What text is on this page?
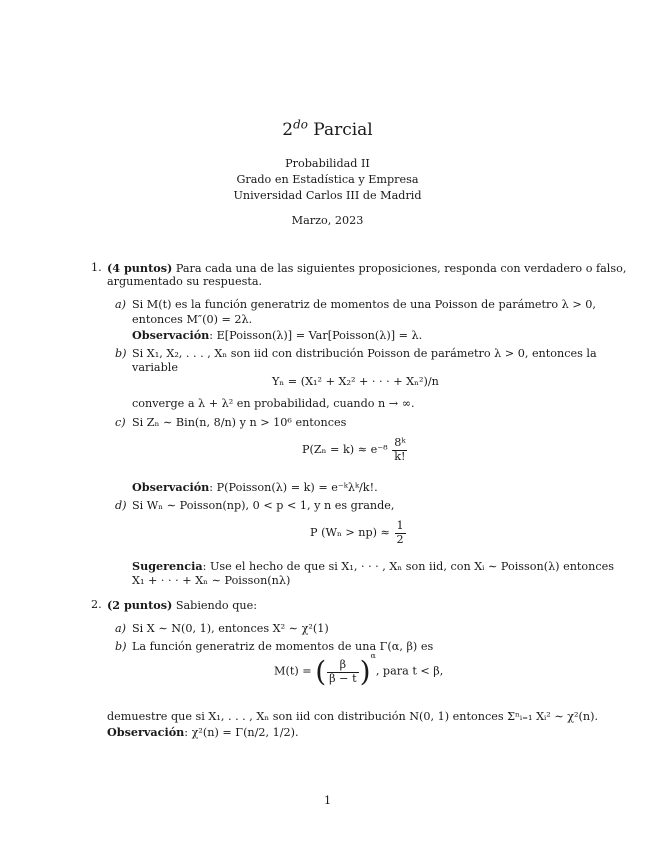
$2^{do}$ Parcial
Probabilidad II
Grado en Estadística y Empresa
Universidad Carlos III de Madrid
Marzo, 2023
1. (4 puntos) Para cada una de las siguientes proposiciones, responda con verdadero o falso,
argumentado su respuesta.
a) Si M(t) es la función generatriz de momentos de una Poisson de parámetro λ > 0,
entonces M″(0) = 2λ.
Observación: E[Poisson(λ)] = Var[Poisson(λ)] = λ.
b) Si X₁, X₂, . . . , Xₙ son iid con distribución Poisson de parámetro λ > 0, entonces la
variable
Yₙ = (X₁² + X₂² + · · · + Xₙ²)/n
converge a λ + λ² en probabilidad, cuando n → ∞.
c) Si Zₙ ∼ Bin(n, 8/n) y n > 10⁶ entonces
$P(Z_n = k) \approx e^{-8} \frac{\text{8ᵏ}}{k!}$
Observación: P(Poisson(λ) = k) = e⁻ᵏλᵏ/k!.
d) Si Wₙ ∼ Poisson(np), 0 < p < 1, y n es grande,
P $(W_n > np) \approx \frac{1}{2}$
Sugerencia: Use el hecho de que si X₁, · · · , Xₙ son iid, con Xᵢ ∼ Poisson(λ) entonces
X₁ + · · · + Xₙ ∼ Poisson(nλ)
2. (2 puntos) Sabiendo que:
a) Si X ∼ N(0, 1), entonces X² ∼ χ²(1)
b) La función generatriz de momentos de una Γ(α, β) es
M(t) = ( $\frac{\beta}{\beta - t} )^\alpha$, para t < β,
demuestre que si X₁, . . . , Xₙ son iid con distribución N(0, 1) entonces Σⁿᵢ₌₁ Xᵢ² ∼ χ²(n).
Observación: χ²(n) = Γ(n/2, 1/2).
1
